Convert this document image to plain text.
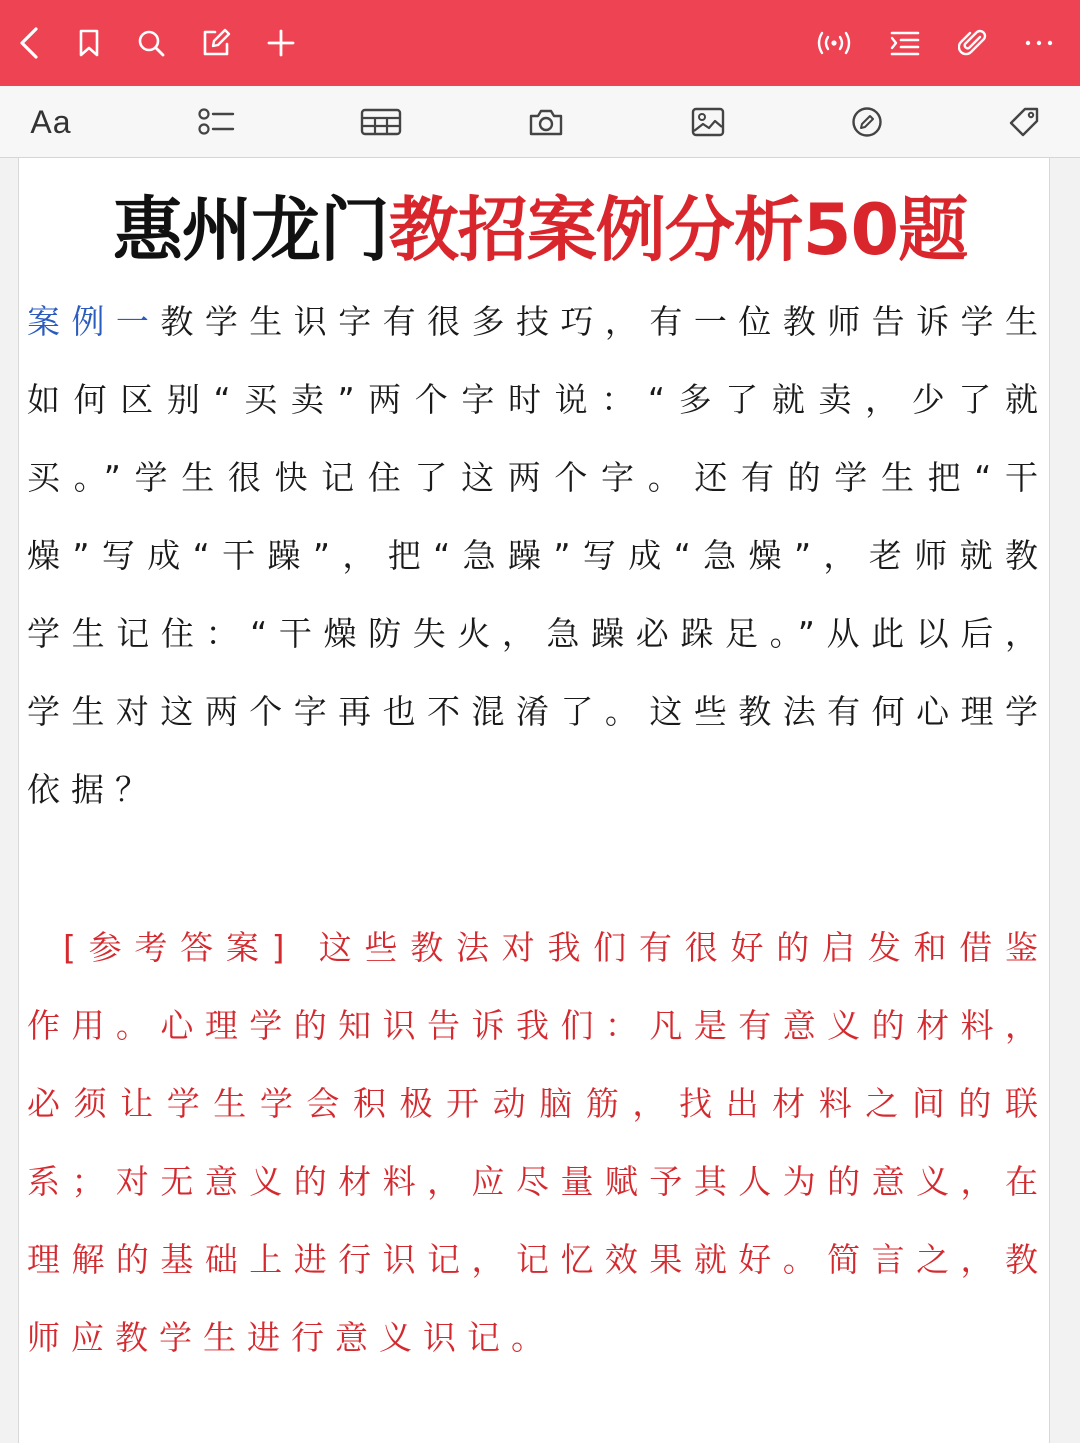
Aa
惠州龙门教招案例分析50题
案例一教学生识字有很多技巧，有一位教师告诉学生如何区别“买卖”两个字时说：“多了就卖，少了就买。”学生很快记住了这两个字。还有的学生把“干燥”写成“干躁”，把“急躁”写成“急燥”，老师就教学生记住：“干燥防失火，急躁必跺足。”从此以后，学生对这两个字再也不混淆了。这些教法有何心理学依据？
[参考答案] 这些教法对我们有很好的启发和借鉴作用。心理学的知识告诉我们：凡是有意义的材料，必须让学生学会积极开动脑筋，找出材料之间的联系；对无意义的材料，应尽量赋予其人为的意义，在理解的基础上进行识记，记忆效果就好。简言之，教师应教学生进行意义识记。
